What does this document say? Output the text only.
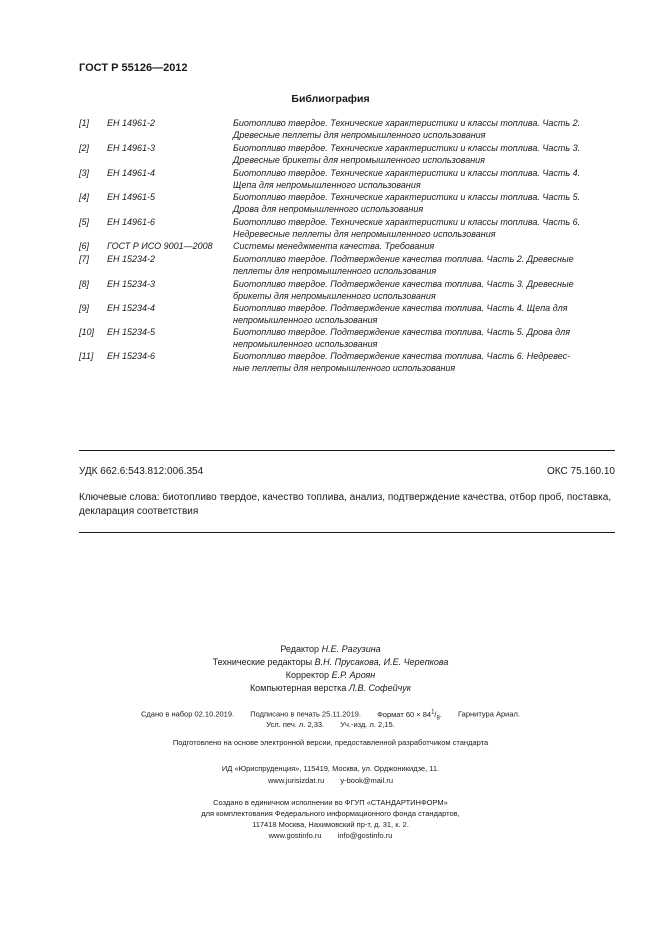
ГОСТ Р 55126—2012
Библиография
[1] ЕН 14961-2	Биотопливо твердое. Технические характеристики и классы топлива. Часть 2.
Древесные пеллеты для непромышленного использования
[2] ЕН 14961-3	Биотопливо твердое. Технические характеристики и классы топлива. Часть 3.
Древесные брикеты для непромышленного использования
[3] ЕН 14961-4	Биотопливо твердое. Технические характеристики и классы топлива. Часть 4.
Щепа для непромышленного использования
[4] ЕН 14961-5	Биотопливо твердое. Технические характеристики и классы топлива. Часть 5.
Дрова для непромышленного использования
[5] ЕН 14961-6	Биотопливо твердое. Технические характеристики и классы топлива. Часть 6.
Недревесные пеллеты для непромышленного использования
[6] ГОСТ Р ИСО 9001—2008 Системы менеджмента качества. Требования
[7] ЕН 15234-2	Биотопливо твердое. Подтверждение качества топлива. Часть 2. Древесные
пеллеты для непромышленного использования
[8] ЕН 15234-3	Биотопливо твердое. Подтверждение качества топлива. Часть 3. Древесные
брикеты для непромышленного использования
[9] ЕН 15234-4	Биотопливо твердое. Подтверждение качества топлива. Часть 4. Щепа для
непромышленного использования
[10] ЕН 15234-5	Биотопливо твердое. Подтверждение качества топлива. Часть 5. Дрова для
непромышленного использования
[11] ЕН 15234-6	Биотопливо твердое. Подтверждение качества топлива. Часть 6. Недревес-
ные пеллеты для непромышленного использования
УДК 662.6:543.812:006.354	ОКС 75.160.10
Ключевые слова: биотопливо твердое, качество топлива, анализ, подтверждение качества, отбор проб, поставка, декларация соответствия
Редактор Н.Е. Рагузина
Технические редакторы В.Н. Прусакова, И.Е. Черепкова
Корректор Е.Р. Ароян
Компьютерная верстка Л.В. Софейчук
Сдано в набор 02.10.2019. Подписано в печать 25.11.2019. Формат $60 \times 84^1/_8$. Гарнитура Ариал.
Усл. печ. л. 2,33. Уч.-изд. л. 2,15.
Подготовлено на основе электронной версии, предоставленной разработчиком стандарта
ИД «Юриспруденция», 115419, Москва, ул. Орджоникидзе, 11.
www.jurisizdat.ru y-book@mail.ru
Создано в единичном исполнении во ФГУП «СТАНДАРТИНФОРМ»
для комплектования Федерального информационного фонда стандартов,
117418 Москва, Нахимовский пр-т, д. 31, к. 2.
www.gostinfo.ru info@gostinfo.ru
